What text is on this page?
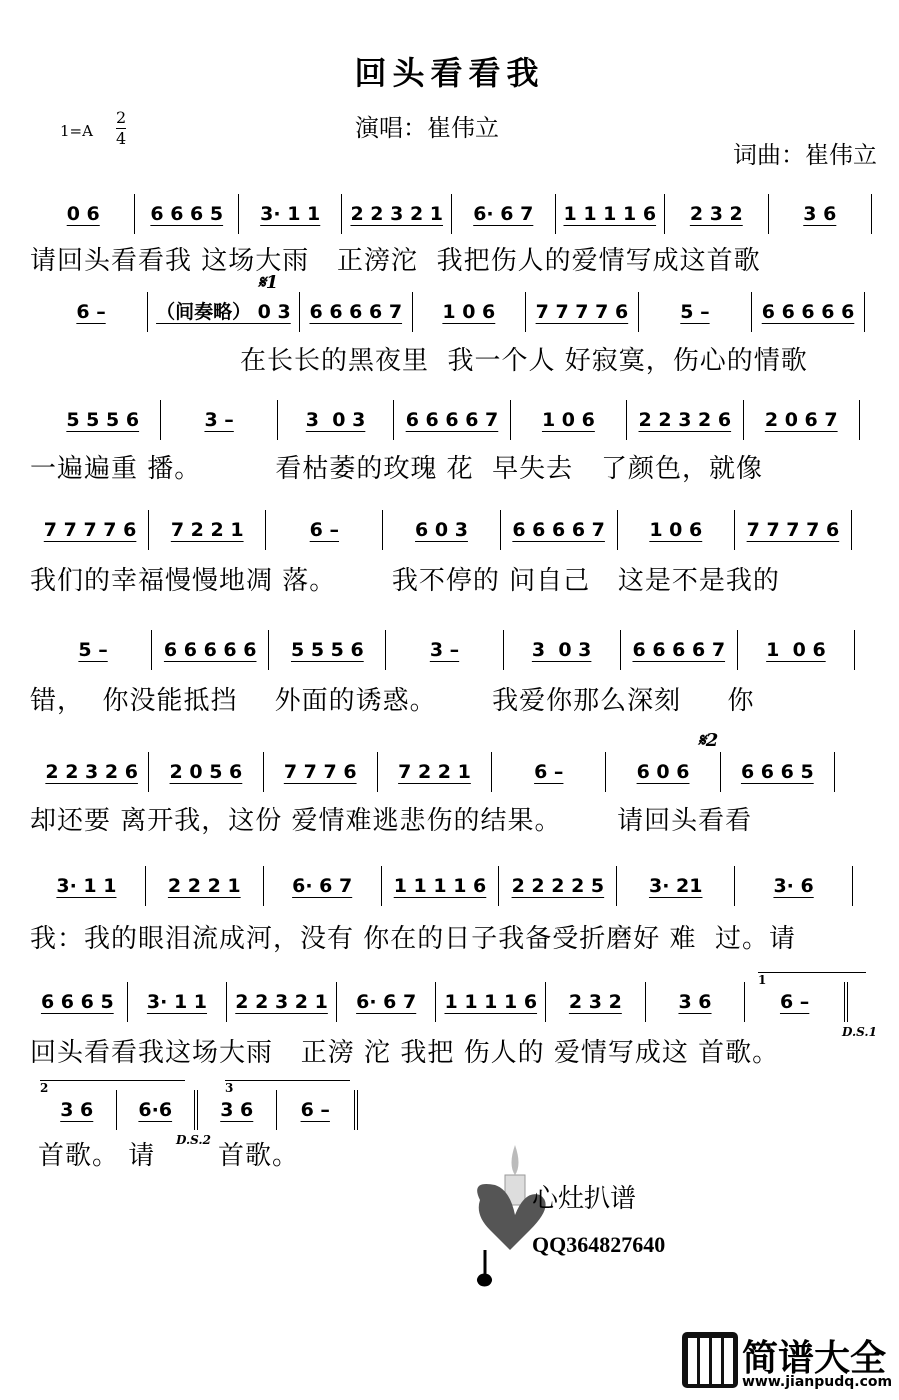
回头看看我
1=A
2
4	演唱：崔伟立
词曲：崔伟立
𝄋1
𝄋2
D.S.1
D.S.2
1
2	3
0 6	6 6 6 5	3· 1 1	2 2 3 2 1	6· 6 7	1 1 1 1 6	2 3 2	3 6
请回头看看我 这场大雨   正滂沱  我把伤人的爱情写成这首歌
6 –	（间奏略） 0 3 6 6 6 6 7	1 0 6	7 7 7 7 6	5 –	6 6 6 6 6
在长长的黑夜里  我一个人 好寂寞，伤心的情歌
5 5 5 6	3 –	3  0 3	6 6 6 6 7	1 0 6	2 2 3 2 6	2 0 6 7
一遍遍重 播。        看枯萎的玫瑰 花  早失去   了颜色，就像
7 7 7 7 6	7 2 2 1	6 –	6 0 3	6 6 6 6 7	1 0 6	7 7 7 7 6
我们的幸福慢慢地凋 落。      我不停的 问自己   这是不是我的
5 –	6 6 6 6 6	5 5 5 6	3 –	3  0 3	6 6 6 6 7	1  0 6
错，  你没能抵挡    外面的诱惑。      我爱你那么深刻     你
2 2 3 2 6	2 0 5 6	7 7 7 6	7 2 2 1	6 –	6 0 6	6 6 6 5
却还要 离开我，这份 爱情难逃悲伤的结果。      请回头看看
3· 1 1	2 2 2 1	6· 6 7	1 1 1 1 6	2 2 2 2 5	3· 21	3· 6
我：我的眼泪流成河，没有 你在的日子我备受折磨好 难  过。请
6 6 6 5	3· 1 1	2 2 3 2 1	6· 6 7	1 1 1 1 6	2 3 2	3 6	6 –
回头看看我这场大雨   正滂 沱 我把 伤人的 爱情写成这 首歌。
3 6	6·6	3 6	6 –
首歌。 请 首歌。
心灶扒谱
QQ364827640
简谱大全
www.jianpudq.com
